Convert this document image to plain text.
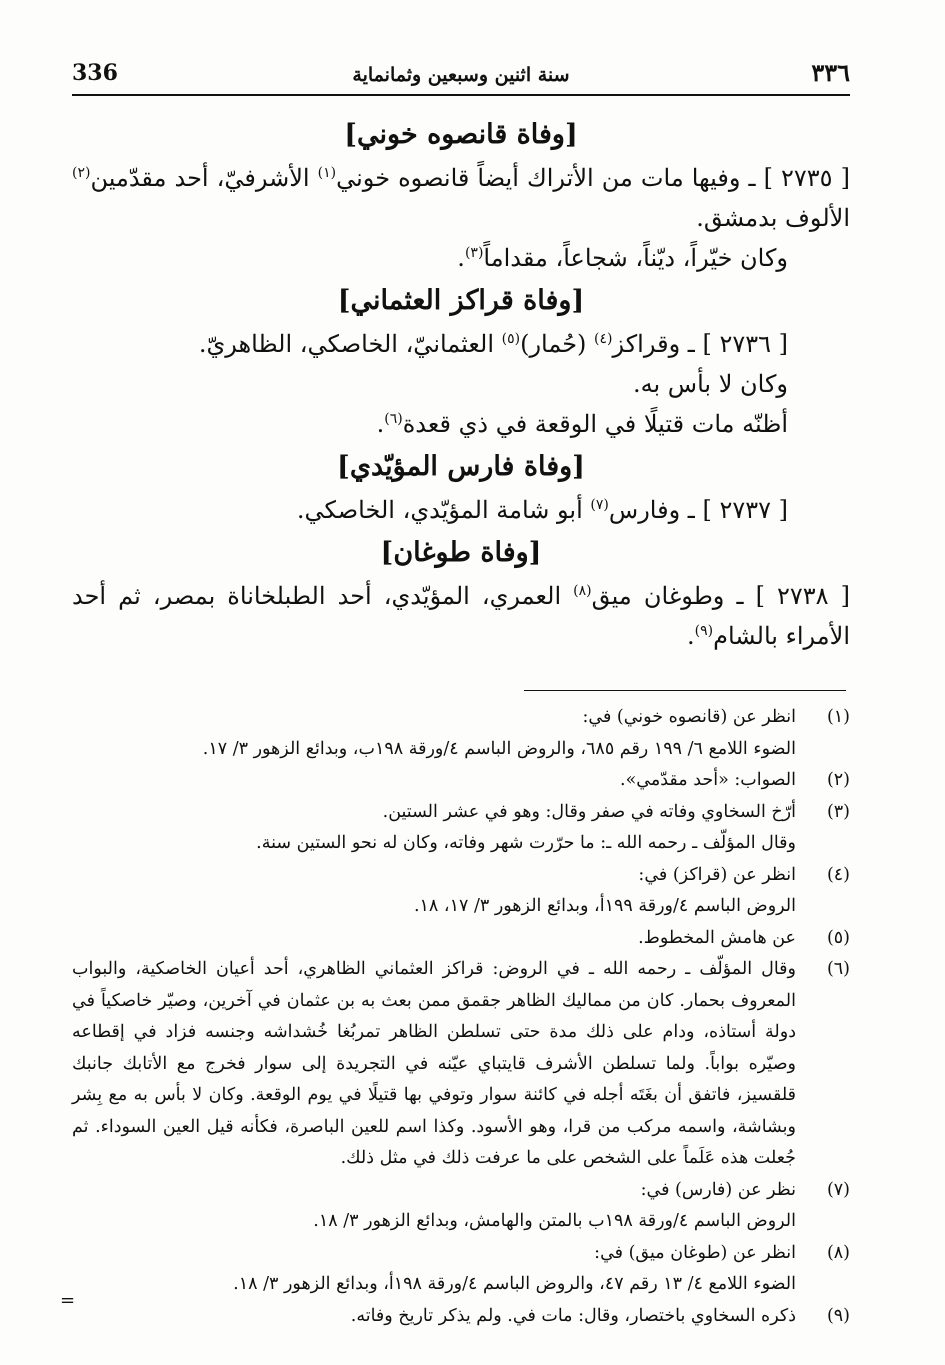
336	سنة اثنين وسبعين وثمانماية	٣٣٦

[وفاة قانصوه خوني]

[ ٢٧٣٥ ] ـ وفيها مات من الأتراك أيضاً قانصوه خوني$^{(١)}$ الأشرفيّ، أحد مقدّمين$^{(٢)}$ الألوف بدمشق.

وكان خيّراً، ديّناً، شجاعاً، مقداماً$^{(٣)}$.

[وفاة قراكز العثماني]

[ ٢٧٣٦ ] ـ وقراكز$^{(٤)}$ (حُمار)$^{(٥)}$ العثمانيّ، الخاصكي، الظاهريّ.

وكان لا بأس به.

أظنّه مات قتيلًا في الوقعة في ذي قعدة$^{(٦)}$.

[وفاة فارس المؤيّدي]

[ ٢٧٣٧ ] ـ وفارس$^{(٧)}$ أبو شامة المؤيّدي، الخاصكي.

[وفاة طوغان]

[ ٢٧٣٨ ] ـ وطوغان ميق$^{(٨)}$ العمري، المؤيّدي، أحد الطبلخاناة بمصر، ثم أحد الأمراء بالشام$^{(٩)}$.

(١)

انظر عن (قانصوه خوني) في:

الضوء اللامع ٦/ ١٩٩ رقم ٦٨٥، والروض الباسم ٤/ورقة ١٩٨ب، وبدائع الزهور ٣/ ١٧.

(٢)

الصواب: «أحد مقدّمي».

(٣)

أرّخ السخاوي وفاته في صفر وقال: وهو في عشر الستين.

وقال المؤلّف ـ رحمه الله ـ: ما حرّرت شهر وفاته، وكان له نحو الستين سنة.

(٤)

انظر عن (قراكز) في:

الروض الباسم ٤/ورقة ١٩٩أ، وبدائع الزهور ٣/ ١٧، ١٨.

(٥)

عن هامش المخطوط.

(٦)

وقال المؤلّف ـ رحمه الله ـ في الروض: قراكز العثماني الظاهري، أحد أعيان الخاصكية، والبواب المعروف بحمار. كان من مماليك الظاهر جقمق ممن بعث به بن عثمان في آخرين، وصيّر خاصكياً في دولة أستاذه، ودام على ذلك مدة حتى تسلطن الظاهر تمربُغا خُشداشه وجنسه فزاد في إقطاعه وصيّره بواباً. ولما تسلطن الأشرف قايتباي عيّنه في التجريدة إلى سوار فخرج مع الأتابك جانبك قلقسيز، فاتفق أن بغَتَه أجله في كائنة سوار وتوفي بها قتيلًا في يوم الوقعة. وكان لا بأس به مع بِشر وبشاشة، واسمه مركب من قرا، وهو الأسود. وكذا اسم للعين الباصرة، فكأنه قيل العين السوداء. ثم جُعلت هذه عَلَماً على الشخص على ما عرفت ذلك في مثل ذلك.

(٧)

نظر عن (فارس) في:

الروض الباسم ٤/ورقة ١٩٨ب بالمتن والهامش، وبدائع الزهور ٣/ ١٨.

(٨)

انظر عن (طوغان ميق) في:

الضوء اللامع ٤/ ١٣ رقم ٤٧، والروض الباسم ٤/ورقة ١٩٨أ، وبدائع الزهور ٣/ ١٨.

(٩)

ذكره السخاوي باختصار، وقال: مات في. ولم يذكر تاريخ وفاته.

=
